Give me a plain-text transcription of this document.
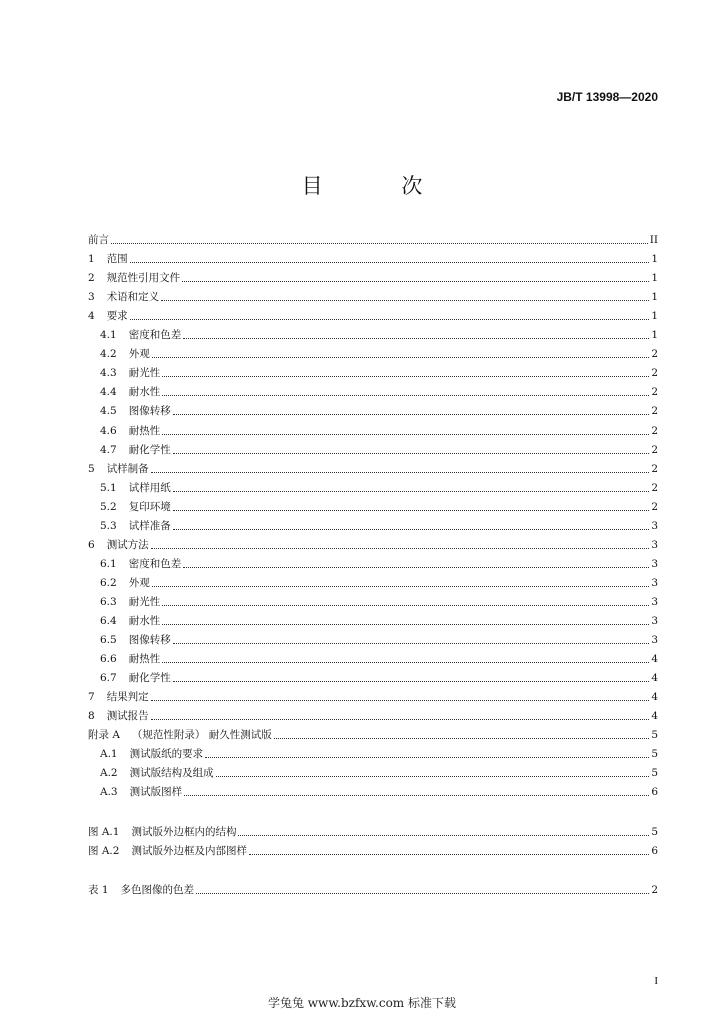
JB/T 13998—2020
目 次
前言	II
1 范围	1
2 规范性引用文件	1
3 术语和定义	1
4 要求	1
4.1 密度和色差	1
4.2 外观	2
4.3 耐光性	2
4.4 耐水性	2
4.5 图像转移	2
4.6 耐热性	2
4.7 耐化学性	2
5 试样制备	2
5.1 试样用纸	2
5.2 复印环境	2
5.3 试样准备	3
6 测试方法	3
6.1 密度和色差	3
6.2 外观	3
6.3 耐光性	3
6.4 耐水性	3
6.5 图像转移	3
6.6 耐热性	4
6.7 耐化学性	4
7 结果判定	4
8 测试报告	4
附录 A （规范性附录） 耐久性测试版	5
A.1 测试版纸的要求	5
A.2 测试版结构及组成	5
A.3 测试版图样	6
图 A.1 测试版外边框内的结构	5
图 A.2 测试版外边框及内部图样	6
表 1 多色图像的色差	2
I
学兔兔 www.bzfxw.com 标准下载
